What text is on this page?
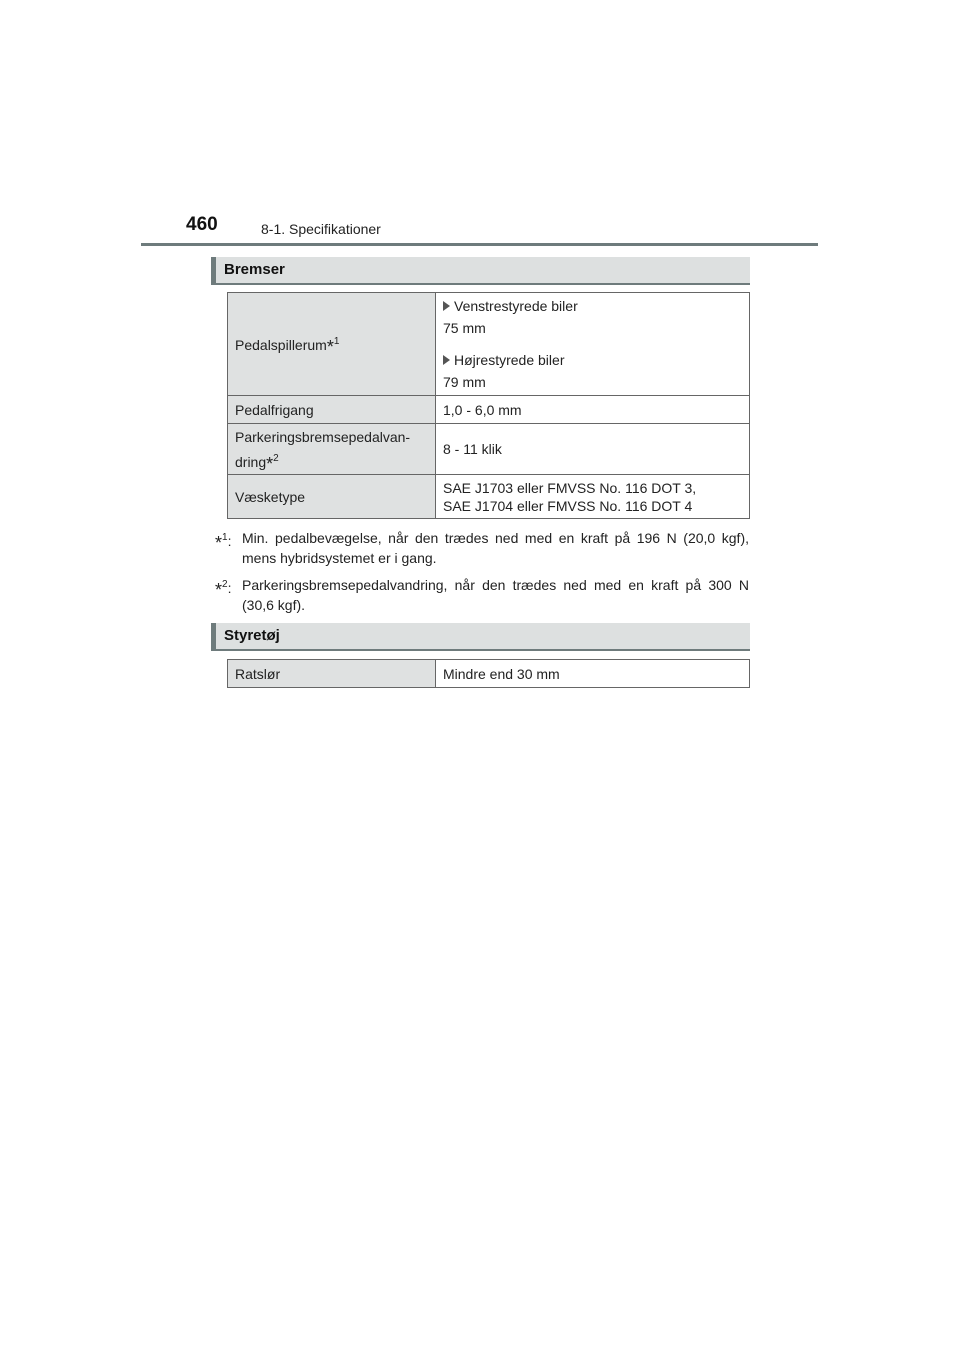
460	8-1. Specifikationer
Bremser
Pedalspillerum*$^1$	Venstrestyrede biler
75 mm
Højrestyrede biler
79 mm

Pedalfrigang	1,0 - 6,0 mm

Parkeringsbremsepedalvan-
dring*$^2$	8 - 11 klik
Væsketype	SAE J1703 eller FMVSS No. 116 DOT 3,
SAE J1704 eller FMVSS No. 116 DOT 4
*$^1$: Min. pedalbevægelse, når den trædes ned med en kraft på 196 N (20,0 kgf), mens hybridsystemet er i gang.
*$^2$: Parkeringsbremsepedalvandring, når den trædes ned med en kraft på 300 N (30,6 kgf).
Styretøj
Ratslør	Mindre end 30 mm
